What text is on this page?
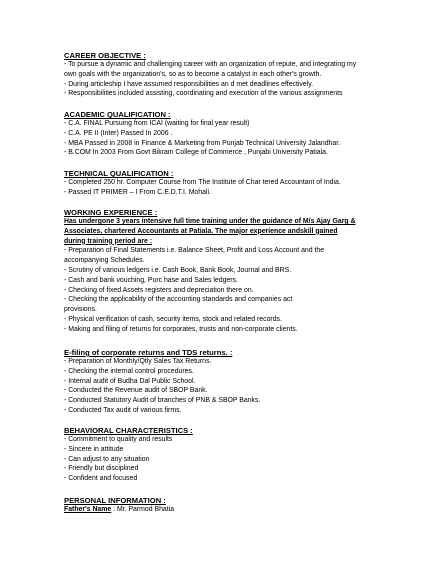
CAREER OBJECTIVE :
- To pursue a dynamic and challenging career with an organization of repute, and integrating my
own goals with the organization's, so as to become a catalyst in each other's growth.
- During articleship I have assumed responsibilities an d met deadlines effectively.
- Responsibilities included assisting, coordinating and execution of the various assignments
ACADEMIC QUALIFICATION :
- C.A. FINAL Pursuing from ICAI (waiting for final year result)
- C.A. PE II (Inter) Passed In 2006 .
- MBA Passed in 2008 in Finance & Marketing from Punjab Technical University Jalandhar.
- B.COM In 2003 From Govt Bikram College of Commerce , Punjabi University Patiala.
TECHNICAL QUALIFICATION :
- Completed 250 hr. Computer Course from The Institute of Char tered Accountant of India.
- Passed IT PRIMER – I From C.E.D.T.I. Mohali.
WORKING EXPERIENCE :
Has undergone 3 years intensive full time training under the guidance of M/s Ajay Garg &
Associates, chartered Accountants at Patiala. The major experience andskill gained
during training period are :
- Preparation of Final Statements i.e. Balance Sheet, Profit and Loss Account and the
accompanying Schedules.
- Scrutiny of various ledgers i.e. Cash Book, Bank Book, Journal and BRS.
- Cash and bank vouching, Purc hase and Sales ledgers.
- Checking of fixed Assets registers and depreciation there on.
- Checking the applicability of the accounting standards and companies act
provisions.
- Physical verification of cash, security items, stock and related records.
- Making and filing of returns for corporates, trusts and non-corporate clients.
E-filing of corporate returns and TDS returns. :
- Preparation of Monthly/Qtly Sales Tax Returns.
- Checking the internal control procedures.
- Internal audit of Budha Dal Public School.
- Conducted the Revenue audit of SBOP Bank.
- Conducted Statutory Audit of branches of PNB & SBOP Banks.
- Conducted Tax audit of various firms.
BEHAVIORAL CHARACTERISTICS :
- Commitment to quality and results
- Sincere in attitude
- Can adjust to any situation
- Friendly but disciplined
- Confident and focused
PERSONAL INFORMATION :
Father's Name : Mr. Parmod Bhatia
